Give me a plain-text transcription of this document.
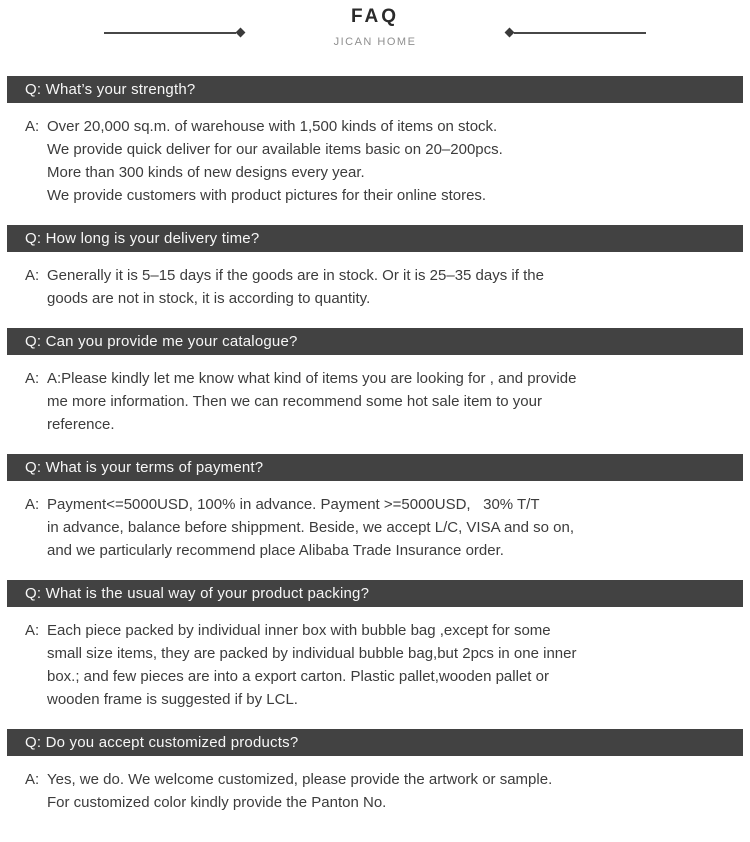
FAQ
JICAN HOME
Q: What’s your strength?
A: Over 20,000 sq.m. of warehouse with 1,500 kinds of items on stock.
We provide quick deliver for our available items basic on 20–200pcs.
More than 300 kinds of new designs every year.
We provide customers with product pictures for their online stores.
Q: How long is your delivery time?
A: Generally it is 5–15 days if the goods are in stock. Or it is 25–35 days if the
goods are not in stock, it is according to quantity.
Q: Can you provide me your catalogue?
A: A:Please kindly let me know what kind of items you are looking for , and provide
me more information. Then we can recommend some hot sale item to your
reference.
Q: What is your terms of payment?
A: Payment<=5000USD, 100% in advance. Payment >=5000USD,   30% T/T
in advance, balance before shippment. Beside, we accept L/C, VISA and so on,
and we particularly recommend place Alibaba Trade Insurance order.
Q: What is the usual way of your product packing?
A: Each piece packed by individual inner box with bubble bag ,except for some
small size items, they are packed by individual bubble bag,but 2pcs in one inner
box.; and few pieces are into a export carton. Plastic pallet,wooden pallet or
wooden frame is suggested if by LCL.
Q: Do you accept customized products?
A: Yes, we do. We welcome customized, please provide the artwork or sample.
For customized color kindly provide the Panton No.
